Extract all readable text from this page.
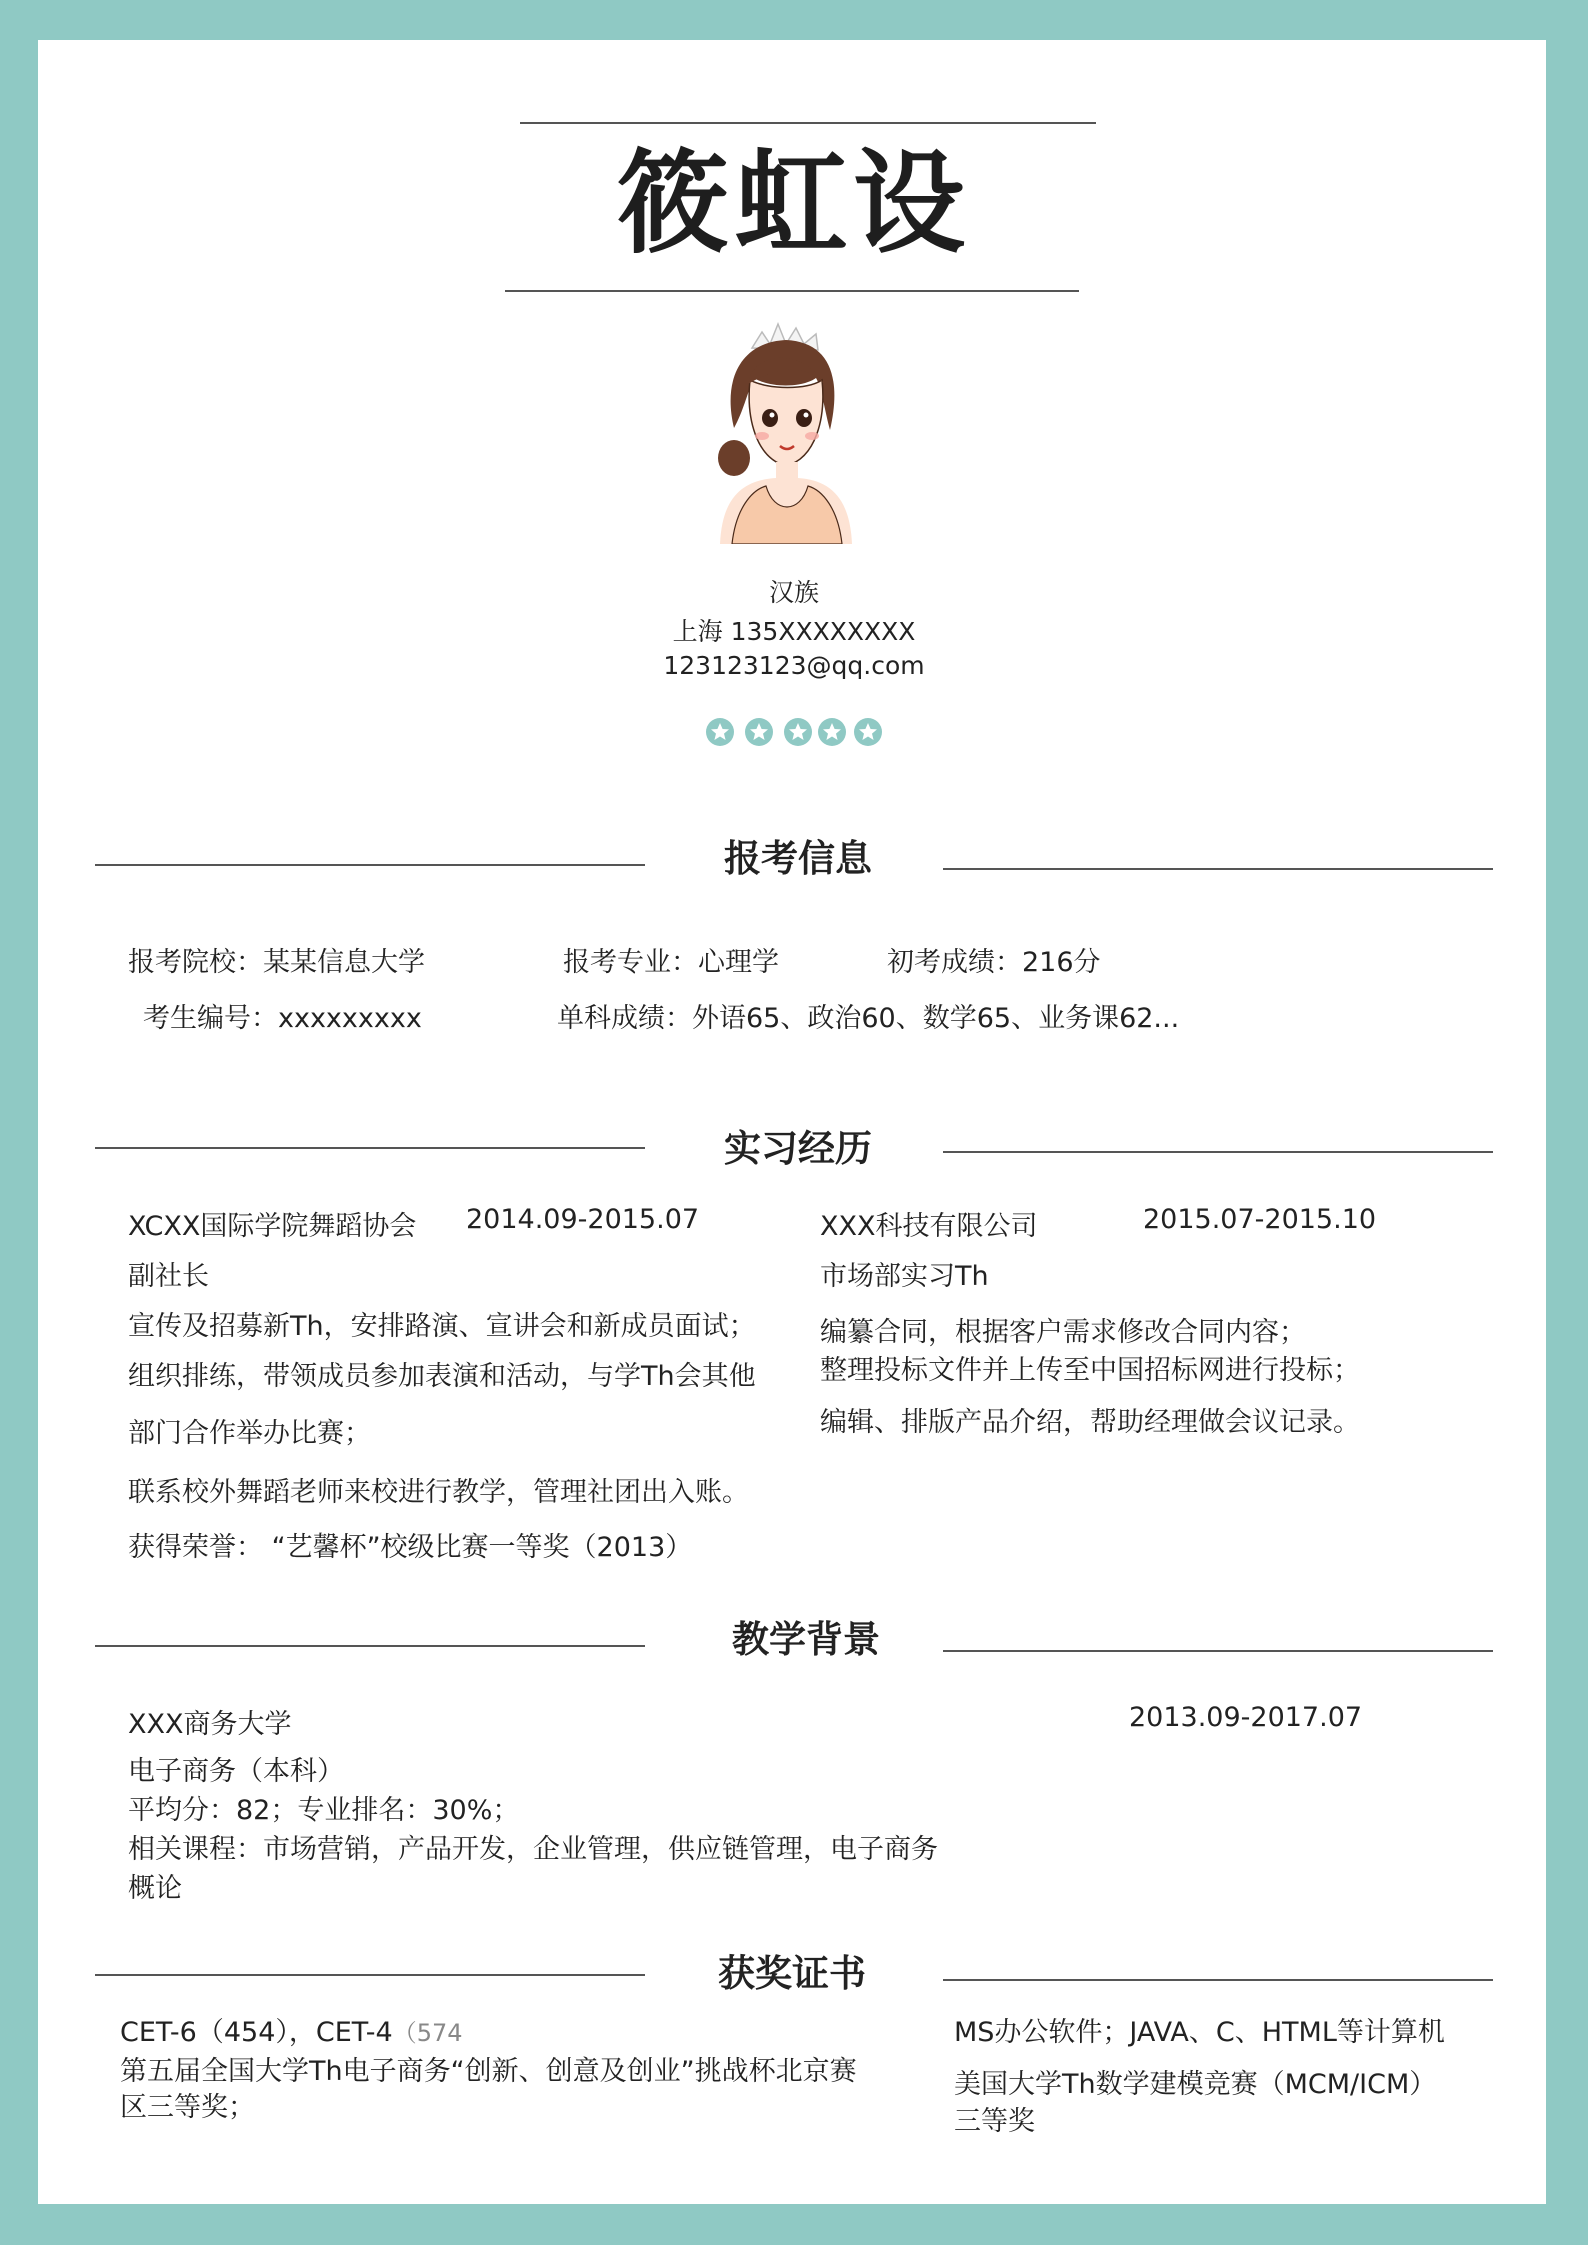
筱虹设
汉族
上海 135XXXXXXXX
123123123@qq.com
报考信息
报考院校：某某信息大学	报考专业：心理学	初考成绩：216分
考生编号：xxxxxxxxx	单科成绩：外语65、政治60、数学65、业务课62...
实习经历
XCXX国际学院舞蹈协会 2014.09-2015.07
副社长
宣传及招募新Th，安排路演、宣讲会和新成员面试；
组织排练，带领成员参加表演和活动，与学Th会其他
部门合作举办比赛；
联系校外舞蹈老师来校进行教学，管理社团出入账。
获得荣誉： “艺馨杯”校级比赛一等奖（2013）
XXX科技有限公司	2015.07-2015.10
市场部实习Th
编纂合同，根据客户需求修改合同内容；
整理投标文件并上传至中国招标网进行投标；
编辑、排版产品介绍，帮助经理做会议记录。
教学背景
XXX商务大学	2013.09-2017.07
电子商务（本科）
平均分：82；专业排名：30%；
相关课程：市场营销，产品开发，企业管理，供应链管理，电子商务
概论
获奖证书
CET-6（454），CET-4（574
第五届全国大学Th电子商务“创新、创意及创业”挑战杯北京赛
区三等奖；
MS办公软件；JAVA、C、HTML等计算机
美国大学Th数学建模竞赛（MCM/ICM）
三等奖
